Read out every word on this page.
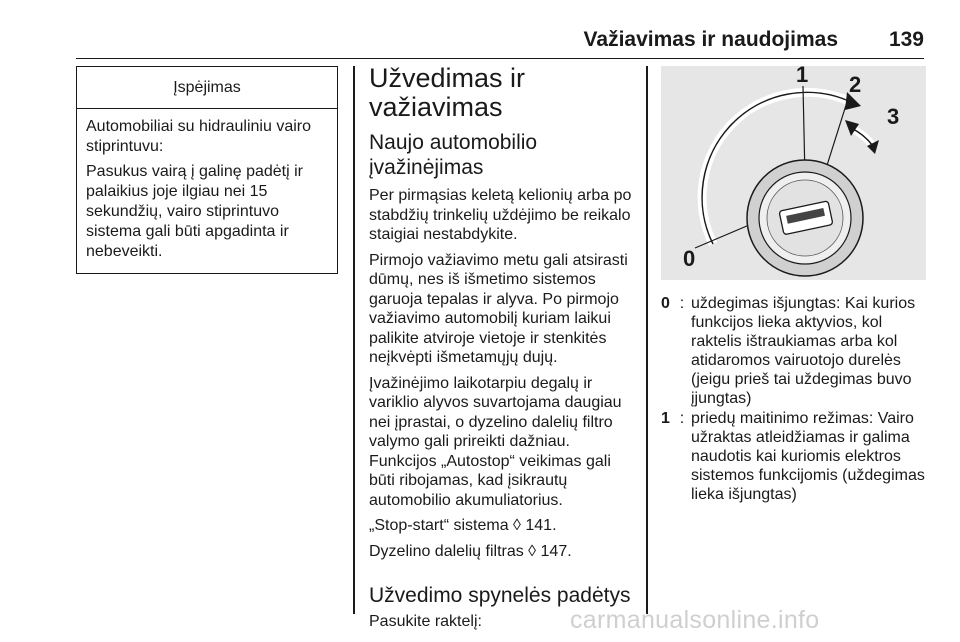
Važiavimas ir naudojimas 139
Įspėjimas

Automobiliai su hidrauliniu vairo stiprintuvu:

Pasukus vairą į galinę padėtį ir palaikius joje ilgiau nei 15 sekundžių, vairo stiprintuvo sistema gali būti apgadinta ir nebeveikti.

Užvedimas ir važiavimas
Naujo automobilio įvažinėjimas

Per pirmąsias keletą kelionių arba po stabdžių trinkelių uždėjimo be reikalo staigiai nestabdykite.

Pirmojo važiavimo metu gali atsirasti dūmų, nes iš išmetimo sistemos garuoja tepalas ir alyva. Po pirmojo važiavimo automobilį kuriam laikui palikite atviroje vietoje ir stenkitės neįkvėpti išmetamųjų dujų.

Įvažinėjimo laikotarpiu degalų ir variklio alyvos suvartojama daugiau nei įprastai, o dyzelino dalelių filtro valymo gali prireikti dažniau.

Funkcijos „Autostop“ veikimas gali būti ribojamas, kad įsikrautų automobilio akumuliatorius.

„Stop-start“ sistema ◊ 141.

Dyzelino dalelių filtras ◊ 147.

Užvedimo spynelės padėtys

Pasukite raktelį:

0
1 2
3
0 : uždegimas išjungtas: Kai kurios funkcijos lieka aktyvios, kol raktelis ištraukiamas arba kol atidaromos vairuotojo durelės (jeigu prieš tai uždegimas buvo įjungtas)
1 : priedų maitinimo režimas: Vairo užraktas atleidžiamas ir galima naudotis kai kuriomis elektros sistemos funkcijomis (uždegimas lieka išjungtas)
carmanualsonline.info
